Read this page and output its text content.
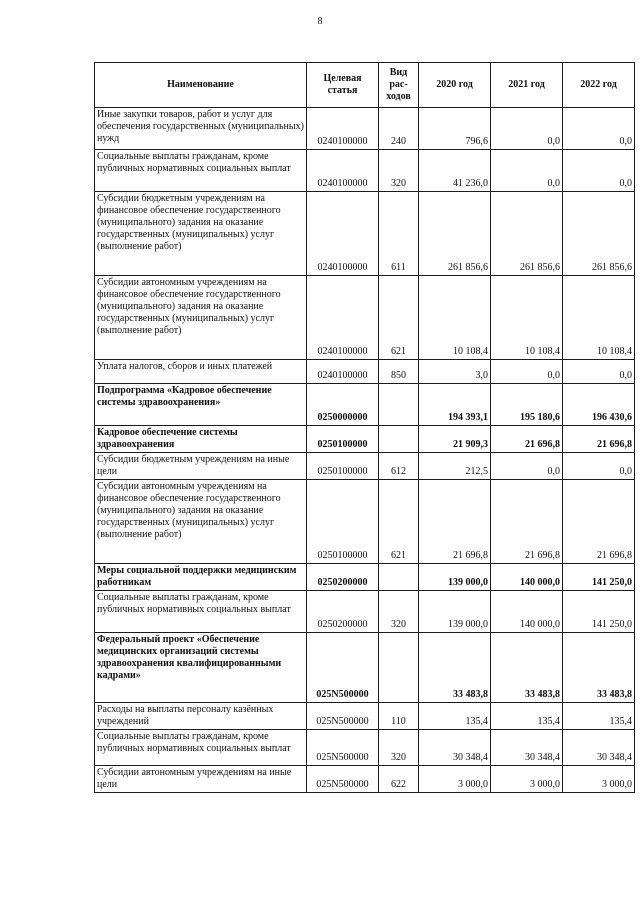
8
Наименование	Целевая статья	Вид рас-ходов	2020 год	2021 год	2022 год
Иные закупки товаров, работ и услуг для обеспечения государственных (муниципальных) нужд	0240100000	240	796,6	0,0	0,0
Социальные выплаты гражданам, кроме публичных нормативных социальных выплат	0240100000	320	41 236,0	0,0	0,0
Субсидии бюджетным учреждениям на финансовое обеспечение государственного (муниципального) задания на оказание государственных (муниципальных) услуг (выполнение работ)	0240100000	611	261 856,6	261 856,6	261 856,6
Субсидии автономным учреждениям на финансовое обеспечение государственного (муниципального) задания на оказание государственных (муниципальных) услуг (выполнение работ)	0240100000	621	10 108,4	10 108,4	10 108,4
Уплата налогов, сборов и иных платежей	0240100000	850	3,0	0,0	0,0
Подпрограмма «Кадровое обеспечение системы здравоохранения»	0250000000		194 393,1	195 180,6	196 430,6
Кадровое обеспечение системы здравоохранения	0250100000		21 909,3	21 696,8	21 696,8
Субсидии бюджетным учреждениям на иные цели	0250100000	612	212,5	0,0	0,0
Субсидии автономным учреждениям на финансовое обеспечение государственного (муниципального) задания на оказание государственных (муниципальных) услуг (выполнение работ)	0250100000	621	21 696,8	21 696,8	21 696,8
Меры социальной поддержки медицинским работникам	0250200000		139 000,0	140 000,0	141 250,0
Социальные выплаты гражданам, кроме публичных нормативных социальных выплат	0250200000	320	139 000,0	140 000,0	141 250,0
Федеральный проект «Обеспечение медицинских организаций системы здравоохранения квалифицированными кадрами»	025N500000		33 483,8	33 483,8	33 483,8
Расходы на выплаты персоналу казённых учреждений	025N500000	110	135,4	135,4	135,4
Социальные выплаты гражданам, кроме публичных нормативных социальных выплат	025N500000	320	30 348,4	30 348,4	30 348,4
Субсидии автономным учреждениям на иные цели	025N500000	622	3 000,0	3 000,0	3 000,0
